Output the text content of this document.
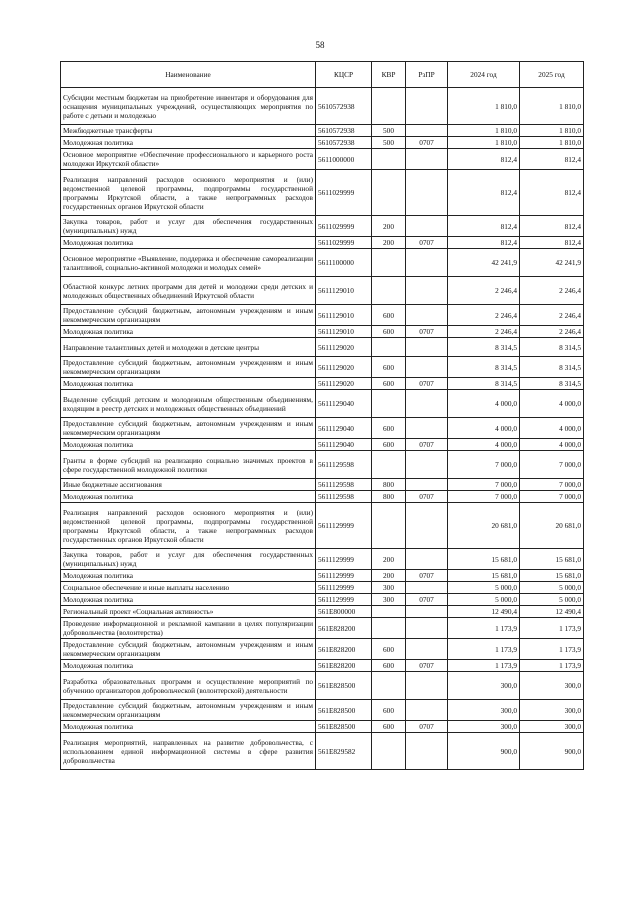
58
Наименование	КЦСР	КВР	РзПР	2024 год	2025 год
Субсидии местным бюджетам на приобретение инвентаря и оборудования для оснащения муниципальных учреждений, осуществляющих мероприятия по работе с детьми и молодежью	5610572938			1 810,0	1 810,0
Межбюджетные трансферты	5610572938	500		1 810,0	1 810,0
Молодежная политика	5610572938	500	0707	1 810,0	1 810,0
Основное мероприятие «Обеспечение профессионального и карьерного роста молодежи Иркутской области»	5611000000			812,4	812,4
Реализация направлений расходов основного мероприятия и (или) ведомственной целевой программы, подпрограммы государственной программы Иркутской области, а также непрограммных расходов государственных органов Иркутской области	5611029999			812,4	812,4
Закупка товаров, работ и услуг для обеспечения государственных (муниципальных) нужд	5611029999	200		812,4	812,4
Молодежная политика	5611029999	200	0707	812,4	812,4
Основное мероприятие «Выявление, поддержка и обеспечение самореализации талантливой, социально-активной молодежи и молодых семей»	5611100000			42 241,9	42 241,9
Областной конкурс летних программ для детей и молодежи среди детских и молодежных общественных объединений Иркутской области	5611129010			2 246,4	2 246,4
Предоставление субсидий бюджетным, автономным учреждениям и иным некоммерческим организациям	5611129010	600		2 246,4	2 246,4
Молодежная политика	5611129010	600	0707	2 246,4	2 246,4
Направление талантливых детей и молодежи в детские центры	5611129020			8 314,5	8 314,5
Предоставление субсидий бюджетным, автономным учреждениям и иным некоммерческим организациям	5611129020	600		8 314,5	8 314,5
Молодежная политика	5611129020	600	0707	8 314,5	8 314,5
Выделение субсидий детским и молодежным общественным объединениям, входящим в реестр детских и молодежных общественных объединений	5611129040			4 000,0	4 000,0
Предоставление субсидий бюджетным, автономным учреждениям и иным некоммерческим организациям	5611129040	600		4 000,0	4 000,0
Молодежная политика	5611129040	600	0707	4 000,0	4 000,0
Гранты в форме субсидий на реализацию социально значимых проектов в сфере государственной молодежной политики	5611129598			7 000,0	7 000,0
Иные бюджетные ассигнования	5611129598	800		7 000,0	7 000,0
Молодежная политика	5611129598	800	0707	7 000,0	7 000,0
Реализация направлений расходов основного мероприятия и (или) ведомственной целевой программы, подпрограммы государственной программы Иркутской области, а также непрограммных расходов государственных органов Иркутской области	5611129999			20 681,0	20 681,0
Закупка товаров, работ и услуг для обеспечения государственных (муниципальных) нужд	5611129999	200		15 681,0	15 681,0
Молодежная политика	5611129999	200	0707	15 681,0	15 681,0
Социальное обеспечение и иные выплаты населению	5611129999	300		5 000,0	5 000,0
Молодежная политика	5611129999	300	0707	5 000,0	5 000,0
Региональный проект «Социальная активность»	561E800000			12 490,4	12 490,4
Проведение информационной и рекламной кампании в целях популяризации добровольчества (волонтерства)	561E828200			1 173,9	1 173,9
Предоставление субсидий бюджетным, автономным учреждениям и иным некоммерческим организациям	561E828200	600		1 173,9	1 173,9
Молодежная политика	561E828200	600	0707	1 173,9	1 173,9
Разработка образовательных программ и осуществление мероприятий по обучению организаторов добровольческой (волонтерской) деятельности	561E828500			300,0	300,0
Предоставление субсидий бюджетным, автономным учреждениям и иным некоммерческим организациям	561E828500	600		300,0	300,0
Молодежная политика	561E828500	600	0707	300,0	300,0
Реализация мероприятий, направленных на развитие добровольчества, с использованием единой информационной системы в сфере развития добровольчества	561E829582			900,0	900,0
